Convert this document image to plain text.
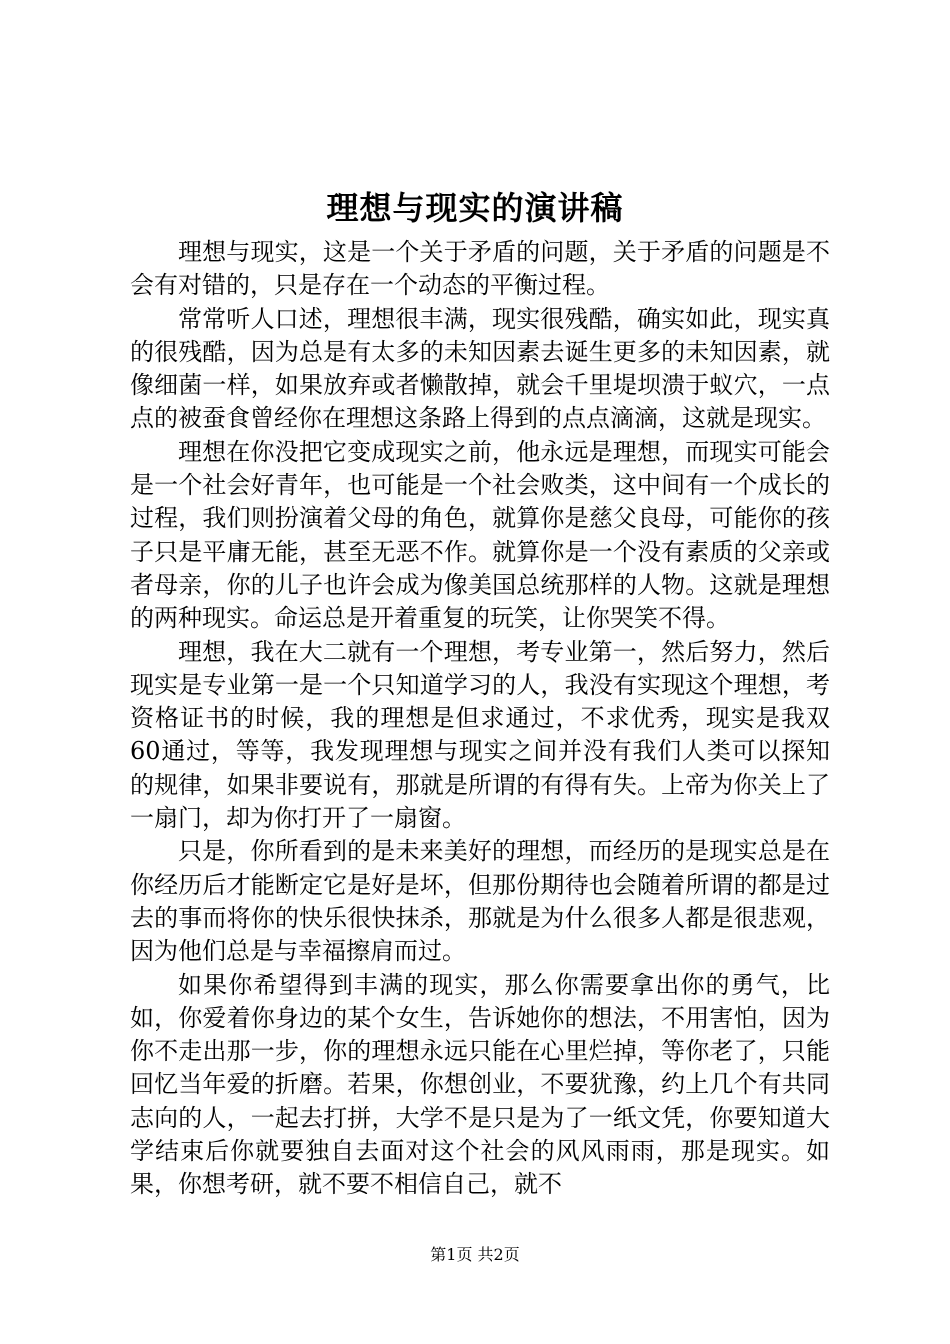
理想与现实的演讲稿

理想与现实，这是一个关于矛盾的问题，关于矛盾的问题是不会有对错的，只是存在一个动态的平衡过程。

常常听人口述，理想很丰满，现实很残酷，确实如此，现实真的很残酷，因为总是有太多的未知因素去诞生更多的未知因素，就像细菌一样，如果放弃或者懒散掉，就会千里堤坝溃于蚁穴，一点点的被蚕食曾经你在理想这条路上得到的点点滴滴，这就是现实。

理想在你没把它变成现实之前，他永远是理想，而现实可能会是一个社会好青年，也可能是一个社会败类，这中间有一个成长的过程，我们则扮演着父母的角色，就算你是慈父良母，可能你的孩子只是平庸无能，甚至无恶不作。就算你是一个没有素质的父亲或者母亲，你的儿子也许会成为像美国总统那样的人物。这就是理想的两种现实。命运总是开着重复的玩笑，让你哭笑不得。

理想，我在大二就有一个理想，考专业第一，然后努力，然后现实是专业第一是一个只知道学习的人，我没有实现这个理想，考资格证书的时候，我的理想是但求通过，不求优秀，现实是我双60通过，等等，我发现理想与现实之间并没有我们人类可以探知的规律，如果非要说有，那就是所谓的有得有失。上帝为你关上了一扇门，却为你打开了一扇窗。

只是，你所看到的是未来美好的理想，而经历的是现实总是在你经历后才能断定它是好是坏，但那份期待也会随着所谓的都是过去的事而将你的快乐很快抹杀，那就是为什么很多人都是很悲观，因为他们总是与幸福擦肩而过。

如果你希望得到丰满的现实，那么你需要拿出你的勇气，比如，你爱着你身边的某个女生，告诉她你的想法，不用害怕，因为你不走出那一步，你的理想永远只能在心里烂掉，等你老了，只能回忆当年爱的折磨。若果，你想创业，不要犹豫，约上几个有共同志向的人，一起去打拼，大学不是只是为了一纸文凭，你要知道大学结束后你就要独自去面对这个社会的风风雨雨，那是现实。如果，你想考研，就不要不相信自己，就不

第1页 共2页
